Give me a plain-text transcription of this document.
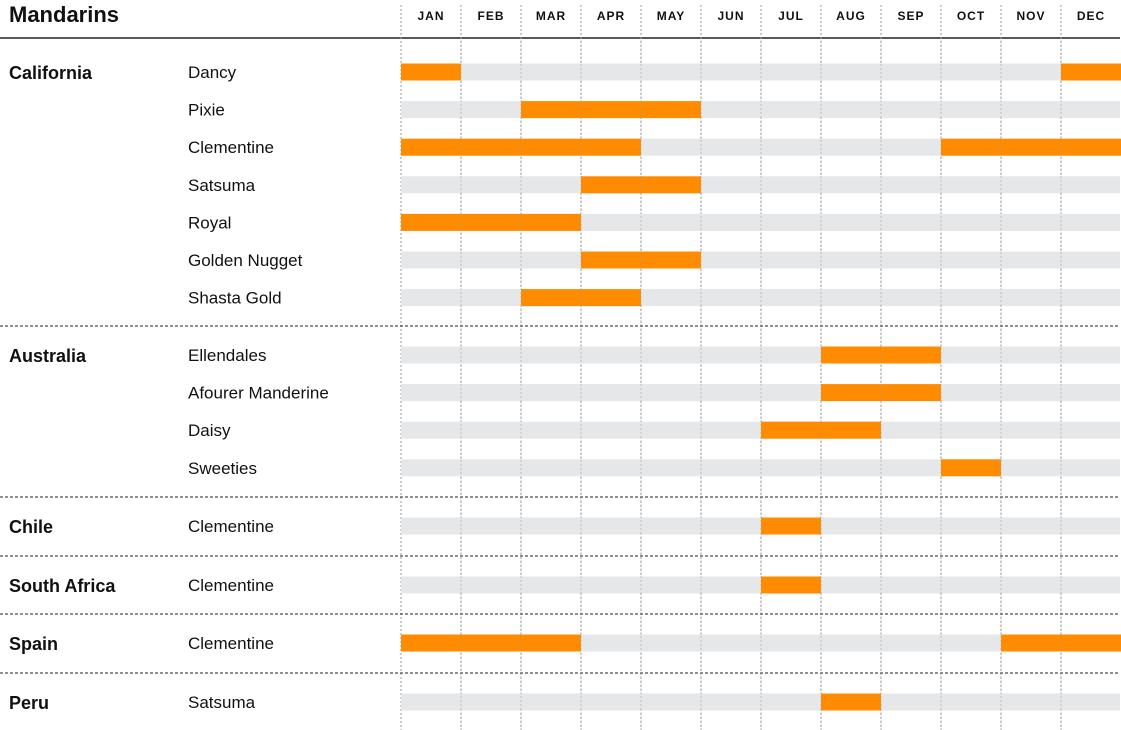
Mandarins	JAN	FEB	MAR	APR	MAY	JUN	JUL	AUG	SEP	OCT	NOV	DEC
California	Dancy
Pixie
Clementine
Satsuma
Royal
Golden Nugget
Shasta Gold
Australia	Ellendales
Afourer Manderine
Daisy
Sweeties
Chile	Clementine
South Africa	Clementine
Spain	Clementine
Peru	Satsuma
